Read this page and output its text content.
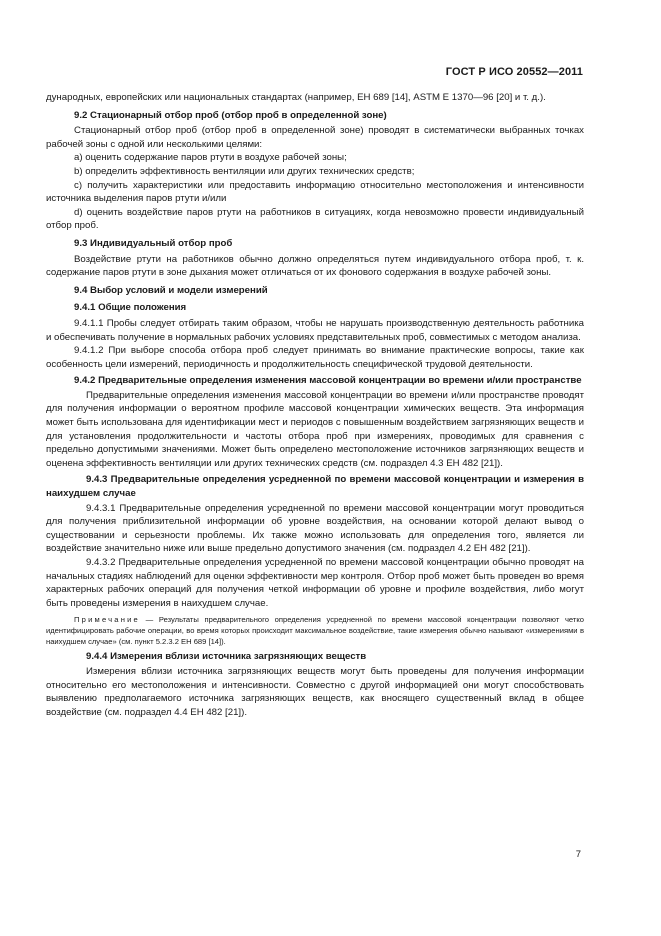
ГОСТ Р ИСО 20552—2011

дународных, европейских или национальных стандартах (например, ЕН 689 [14], ASTM Е 1370—96 [20] и т. д.).

9.2 Стационарный отбор проб (отбор проб в определенной зоне)

Стационарный отбор проб (отбор проб в определенной зоне) проводят в систематически выбранных точках рабочей зоны с одной или несколькими целями:

a) оценить содержание паров ртути в воздухе рабочей зоны;

b) определить эффективность вентиляции или других технических средств;

c) получить характеристики или предоставить информацию относительно местоположения и интенсивности источника выделения паров ртути и/или

d) оценить воздействие паров ртути на работников в ситуациях, когда невозможно провести индивидуальный отбор проб.

9.3 Индивидуальный отбор проб

Воздействие ртути на работников обычно должно определяться путем индивидуального отбора проб, т. к. содержание паров ртути в зоне дыхания может отличаться от их фонового содержания в воздухе рабочей зоны.

9.4 Выбор условий и модели измерений

9.4.1 Общие положения

9.4.1.1 Пробы следует отбирать таким образом, чтобы не нарушать производственную деятельность работника и обеспечивать получение в нормальных рабочих условиях представительных проб, совместимых с методом анализа.

9.4.1.2 При выборе способа отбора проб следует принимать во внимание практические вопросы, такие как особенность цели измерений, периодичность и продолжительность специфической трудовой деятельности.

9.4.2 Предварительные определения изменения массовой концентрации во времени и/или пространстве

Предварительные определения изменения массовой концентрации во времени и/или пространстве проводят для получения информации о вероятном профиле массовой концентрации химических веществ. Эта информация может быть использована для идентификации мест и периодов с повышенным воздействием загрязняющих веществ и для установления продолжительности и частоты отбора проб при измерениях, проводимых для сравнения с предельно допустимыми значениями. Может быть определено местоположение источников загрязняющих веществ и оценена эффективность вентиляции или других технических средств (см. подраздел 4.3 ЕН 482 [21]).

9.4.3 Предварительные определения усредненной по времени массовой концентрации и измерения в наихудшем случае

9.4.3.1 Предварительные определения усредненной по времени массовой концентрации могут проводиться для получения приблизительной информации об уровне воздействия, на основании которой делают вывод о существовании и серьезности проблемы. Их также можно использовать для определения того, является ли воздействие значительно ниже или выше предельно допустимого значения (см. подраздел 4.2 ЕН 482 [21]).

9.4.3.2 Предварительные определения усредненной по времени массовой концентрации обычно проводят на начальных стадиях наблюдений для оценки эффективности мер контроля. Отбор проб может быть проведен во время характерных рабочих операций для получения четкой информации об уровне и профиле воздействия, либо могут быть проведены измерения в наихудшем случае.

Примечание — Результаты предварительного определения усредненной по времени массовой концентрации позволяют четко идентифицировать рабочие операции, во время которых происходит максимальное воздействие, такие измерения обычно называют «измерениями в наихудшем случае» (см. пункт 5.2.3.2 ЕН 689 [14]).

9.4.4 Измерения вблизи источника загрязняющих веществ

Измерения вблизи источника загрязняющих веществ могут быть проведены для получения информации относительно его местоположения и интенсивности. Совместно с другой информацией они могут способствовать выявлению предполагаемого источника загрязняющих веществ, как вносящего существенный вклад в общее воздействие (см. подраздел 4.4 ЕН 482 [21]).

7
